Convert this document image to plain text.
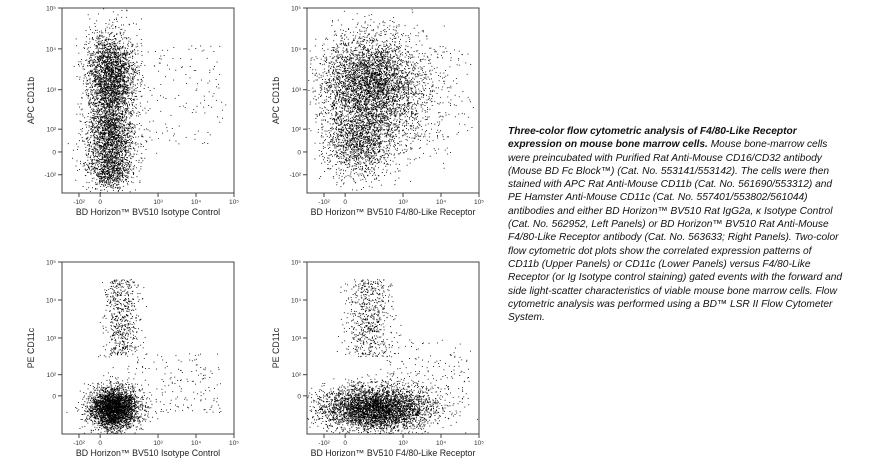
-10² 0	10³	10⁴	10⁵
-10²
0
10²
10³
10⁴
10⁵
BD Horizon™ BV510 Isotype Control
APC CD11b
-10² 0	10³	10⁴	10⁵
-10²
0
10²
10³
10⁴
10⁵
BD Horizon™ BV510 F4/80-Like Receptor
APC CD11b
-10² 0	10³	10⁴	10⁵
0
10²
10³
10⁴
10⁵
BD Horizon™ BV510 Isotype Control
PE CD11c
-10² 0	10³	10⁴	10⁵
0
10²
10³
10⁴
10⁵
BD Horizon™ BV510 F4/80-Like Receptor
PE CD11c

Three-color flow cytometric analysis of F4/80-Like Receptor expression on mouse bone marrow cells. Mouse bone-marrow cells were preincubated with Purified Rat Anti-Mouse CD16/CD32 antibody (Mouse BD Fc Block™) (Cat. No. 553141/553142). The cells were then stained with APC Rat Anti-Mouse CD11b (Cat. No. 561690/553312) and PE Hamster Anti-Mouse CD11c (Cat. No. 557401/553802/561044) antibodies and either BD Horizon™ BV510 Rat IgG2a, κ Isotype Control (Cat. No. 562952, Left Panels) or BD Horizon™ BV510 Rat Anti-Mouse F4/80-Like Receptor antibody (Cat. No. 563633; Right Panels). Two-color flow cytometric dot plots show the correlated expression patterns of CD11b (Upper Panels) or CD11c (Lower Panels) versus F4/80-Like Receptor (or Ig Isotype control staining) gated events with the forward and side light-scatter characteristics of viable mouse bone marrow cells. Flow cytometric analysis was performed using a BD™ LSR II Flow Cytometer System.
